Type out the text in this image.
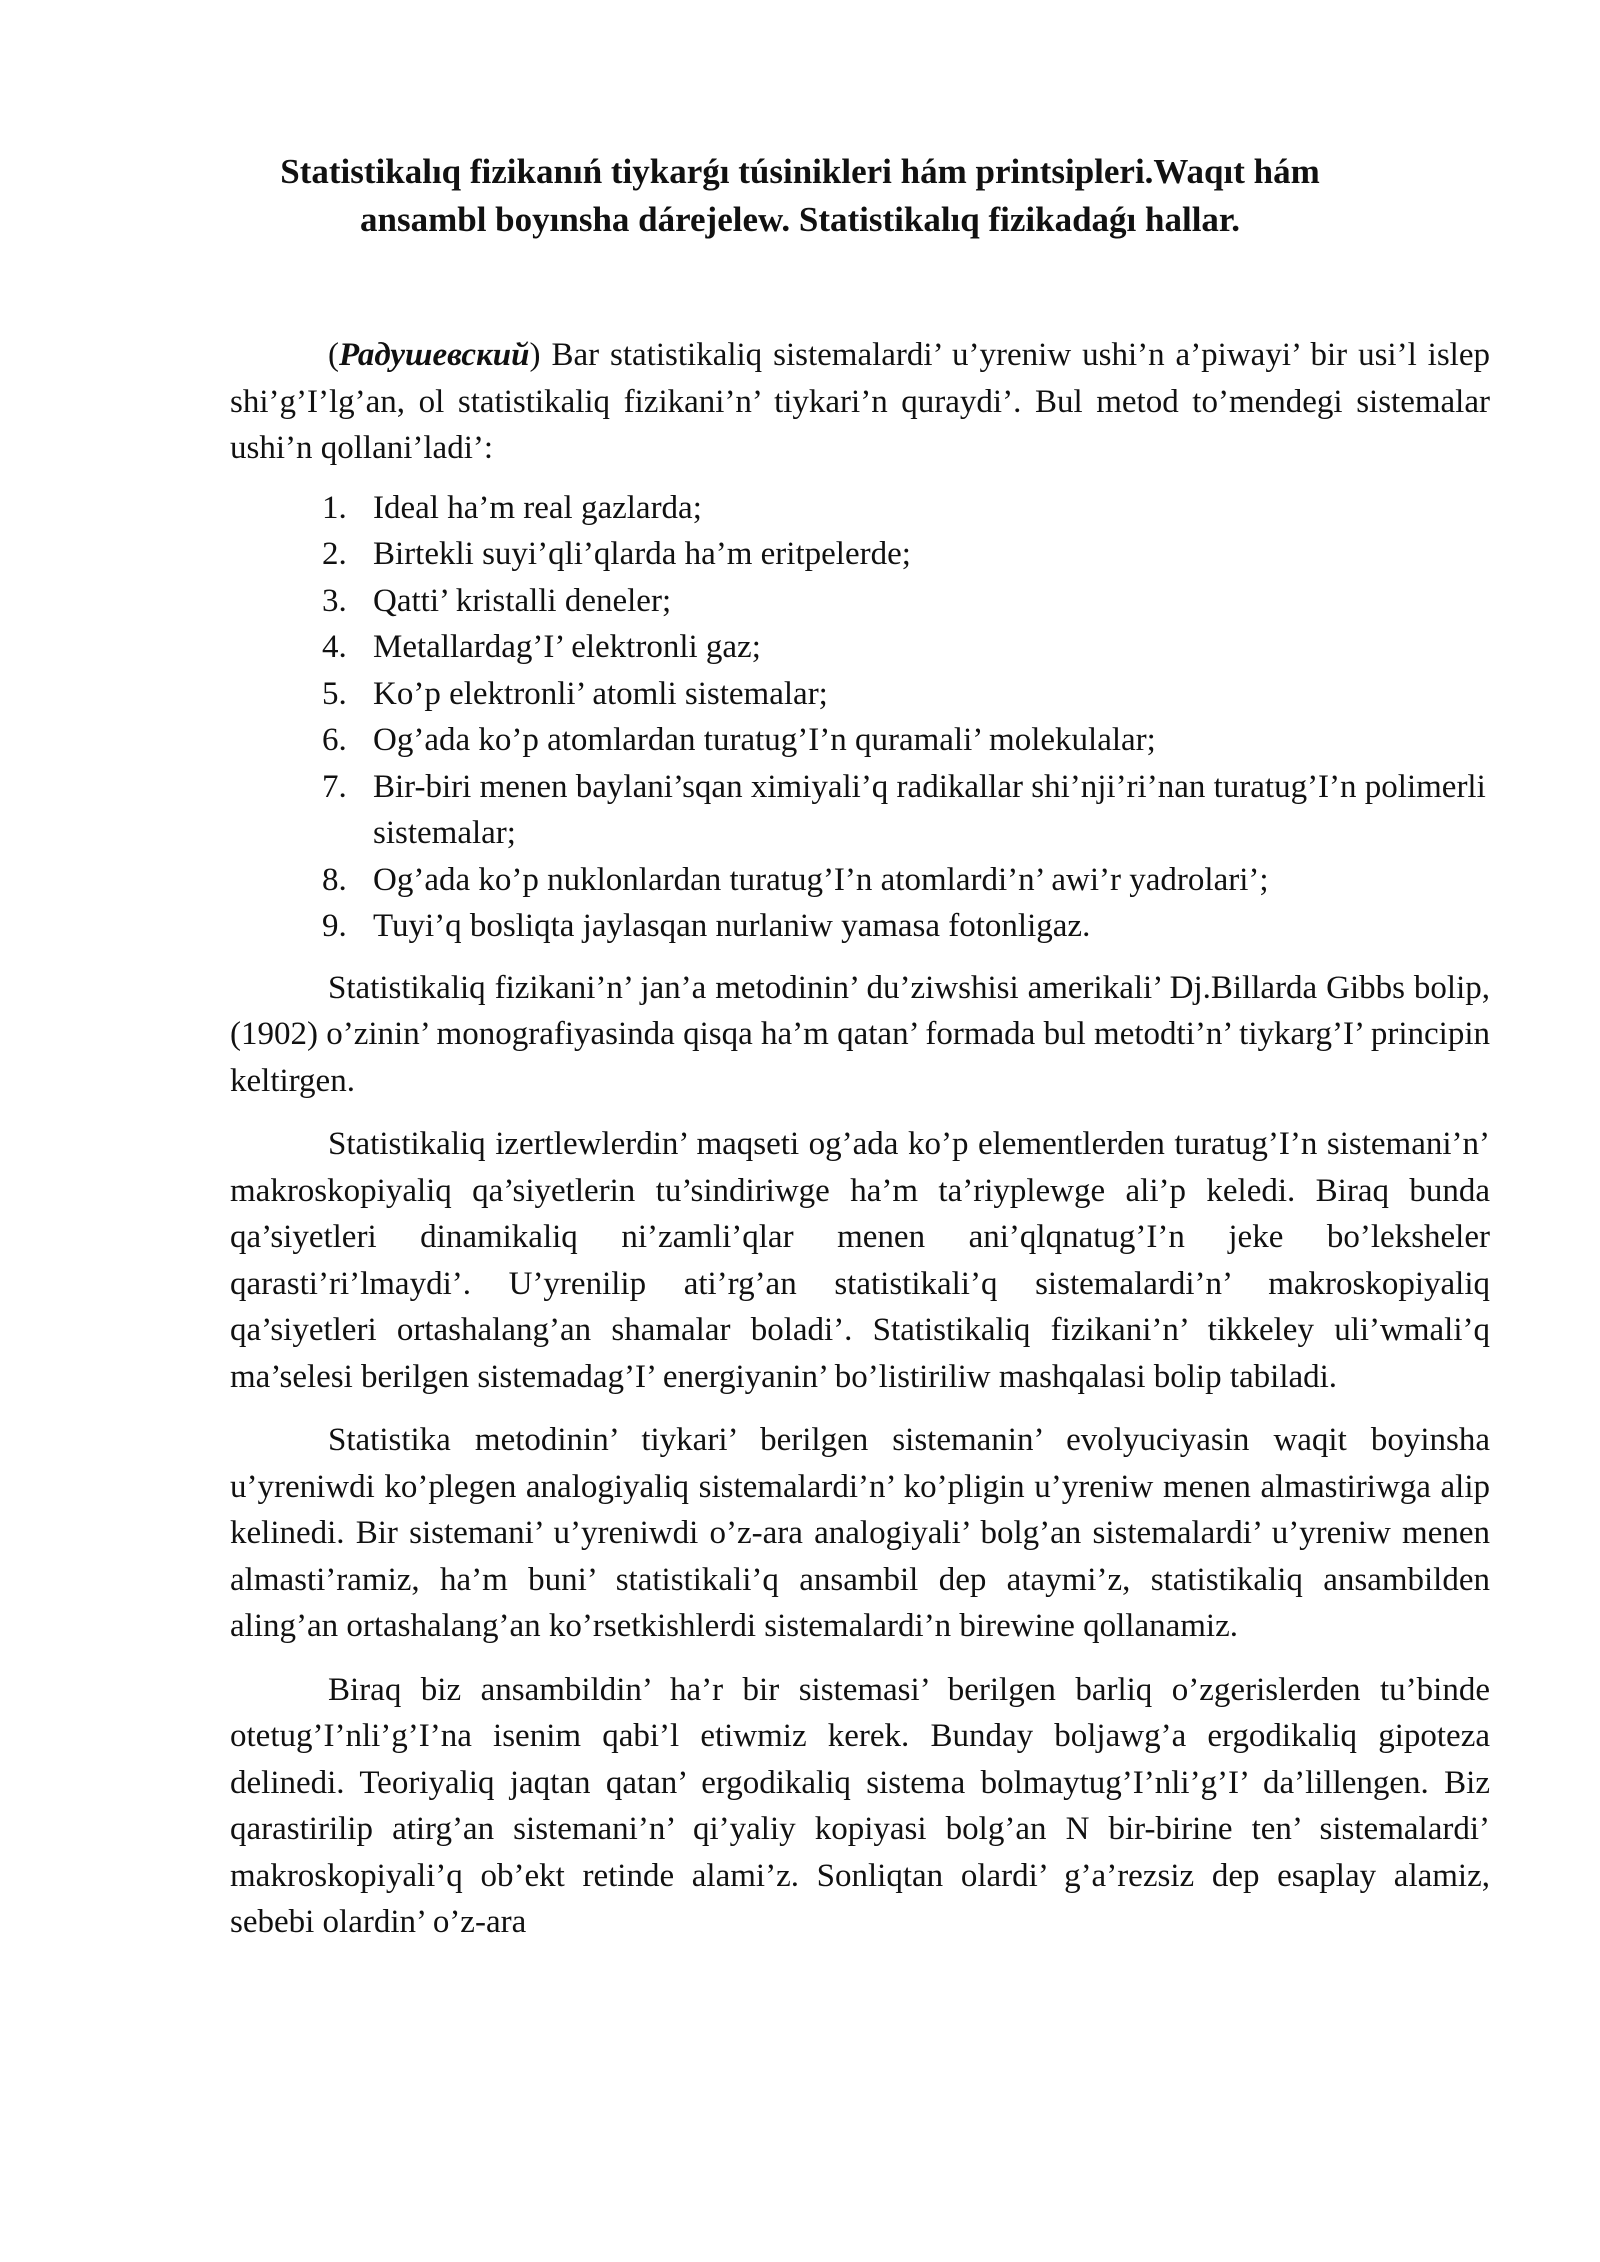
Statistikalıq fizikanıń tiykarǵı túsinikleri hám printsipleri.Waqıt hám ansambl boyınsha dárejelew. Statistikalıq fizikadaǵı hallar.

(Радушевский) Bar statistikaliq sistemalardi’ u’yreniw ushi’n a’piwayi’ bir usi’l islep shi’g’I’lg’an, ol statistikaliq fizikani’n’ tiykari’n quraydi’. Bul metod to’mendegi sistemalar ushi’n qollani’ladi’:

1. Ideal ha’m real gazlarda;
2. Birtekli suyi’qli’qlarda ha’m eritpelerde;
3. Qatti’ kristalli deneler;
4. Metallardag’I’ elektronli gaz;
5. Ko’p elektronli’ atomli sistemalar;
6. Og’ada ko’p atomlardan turatug’I’n quramali’ molekulalar;
7. Bir-biri menen baylani’sqan ximiyali’q radikallar shi’nji’ri’nan turatug’I’n polimerli sistemalar;
8. Og’ada ko’p nuklonlardan turatug’I’n atomlardi’n’ awi’r yadrolari’;
9. Tuyi’q bosliqta jaylasqan nurlaniw yamasa fotonligaz.

Statistikaliq fizikani’n’ jan’a metodinin’ du’ziwshisi amerikali’ Dj.Billarda Gibbs bolip, (1902) o’zinin’ monografiyasinda qisqa ha’m qatan’ formada bul metodti’n’ tiykarg’I’ principin keltirgen.

Statistikaliq izertlewlerdin’ maqseti og’ada ko’p elementlerden turatug’I’n sistemani’n’ makroskopiyaliq qa’siyetlerin tu’sindiriwge ha’m ta’riyplewge ali’p keledi. Biraq bunda qa’siyetleri dinamikaliq ni’zamli’qlar menen ani’qlqnatug’I’n jeke bo’leksheler qarasti’ri’lmaydi’. U’yrenilip ati’rg’an statistikali’q sistemalardi’n’ makroskopiyaliq qa’siyetleri ortashalang’an shamalar boladi’. Statistikaliq fizikani’n’ tikkeley uli’wmali’q ma’selesi berilgen sistemadag’I’ energiyanin’ bo’listiriliw mashqalasi bolip tabiladi.

Statistika metodinin’ tiykari’ berilgen sistemanin’ evolyuciyasin waqit boyinsha u’yreniwdi ko’plegen analogiyaliq sistemalardi’n’ ko’pligin u’yreniw menen almastiriwga alip kelinedi. Bir sistemani’ u’yreniwdi o’z-ara analogiyali’ bolg’an sistemalardi’ u’yreniw menen almasti’ramiz, ha’m buni’ statistikali’q ansambil dep ataymi’z, statistikaliq ansambilden aling’an ortashalang’an ko’rsetkishlerdi sistemalardi’n birewine qollanamiz.

Biraq biz ansambildin’ ha’r bir sistemasi’ berilgen barliq o’zgerislerden tu’binde otetug’I’nli’g’I’na isenim qabi’l etiwmiz kerek. Bunday boljawg’a ergodikaliq gipoteza delinedi. Teoriyaliq jaqtan qatan’ ergodikaliq sistema bolmaytug’I’nli’g’I’ da’lillengen. Biz qarastirilip atirg’an sistemani’n’ qi’yaliy kopiyasi bolg’an N bir-birine ten’ sistemalardi’ makroskopiyali’q ob’ekt retinde alami’z. Sonliqtan olardi’ g’a’rezsiz dep esaplay alamiz, sebebi olardin’ o’z-ara
